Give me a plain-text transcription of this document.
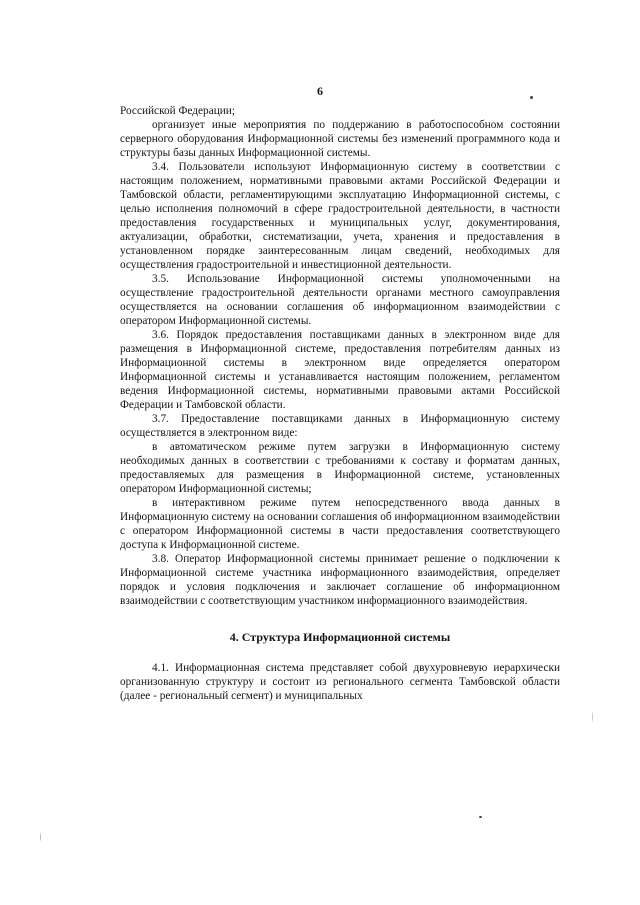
6

Российской Федерации;

организует иные мероприятия по поддержанию в работоспособном состоянии серверного оборудования Информационной системы без изменений программного кода и структуры базы данных Информационной системы.

3.4. Пользователи используют Информационную систему в соответствии с настоящим положением, нормативными правовыми актами Российской Федерации и Тамбовской области, регламентирующими эксплуатацию Информационной системы, с целью исполнения полномочий в сфере градостроительной деятельности, в частности предоставления государственных и муниципальных услуг, документирования, актуализации, обработки, систематизации, учета, хранения и предоставления в установленном порядке заинтересованным лицам сведений, необходимых для осуществления градостроительной и инвестиционной деятельности.

3.5. Использование Информационной системы уполномоченными на осуществление градостроительной деятельности органами местного самоуправления осуществляется на основании соглашения об информационном взаимодействии с оператором Информационной системы.

3.6. Порядок предоставления поставщиками данных в электронном виде для размещения в Информационной системе, предоставления потребителям данных из Информационной системы в электронном виде определяется оператором Информационной системы и устанавливается настоящим положением, регламентом ведения Информационной системы, нормативными правовыми актами Российской Федерации и Тамбовской области.

3.7. Предоставление поставщиками данных в Информационную систему осуществляется в электронном виде:

в автоматическом режиме путем загрузки в Информационную систему необходимых данных в соответствии с требованиями к составу и форматам данных, предоставляемых для размещения в Информационной системе, установленных оператором Информационной системы;

в интерактивном режиме путем непосредственного ввода данных в Информационную систему на основании соглашения об информационном взаимодействии с оператором Информационной системы в части предоставления соответствующего доступа к Информационной системе.

3.8. Оператор Информационной системы принимает решение о подключении к Информационной системе участника информационного взаимодействия, определяет порядок и условия подключения и заключает соглашение об информационном взаимодействии с соответствующим участником информационного взаимодействия.

4. Структура Информационной системы

4.1. Информационная система представляет собой двухуровневую иерархически организованную структуру и состоит из регионального сегмента Тамбовской области (далее - региональный сегмент) и муниципальных
